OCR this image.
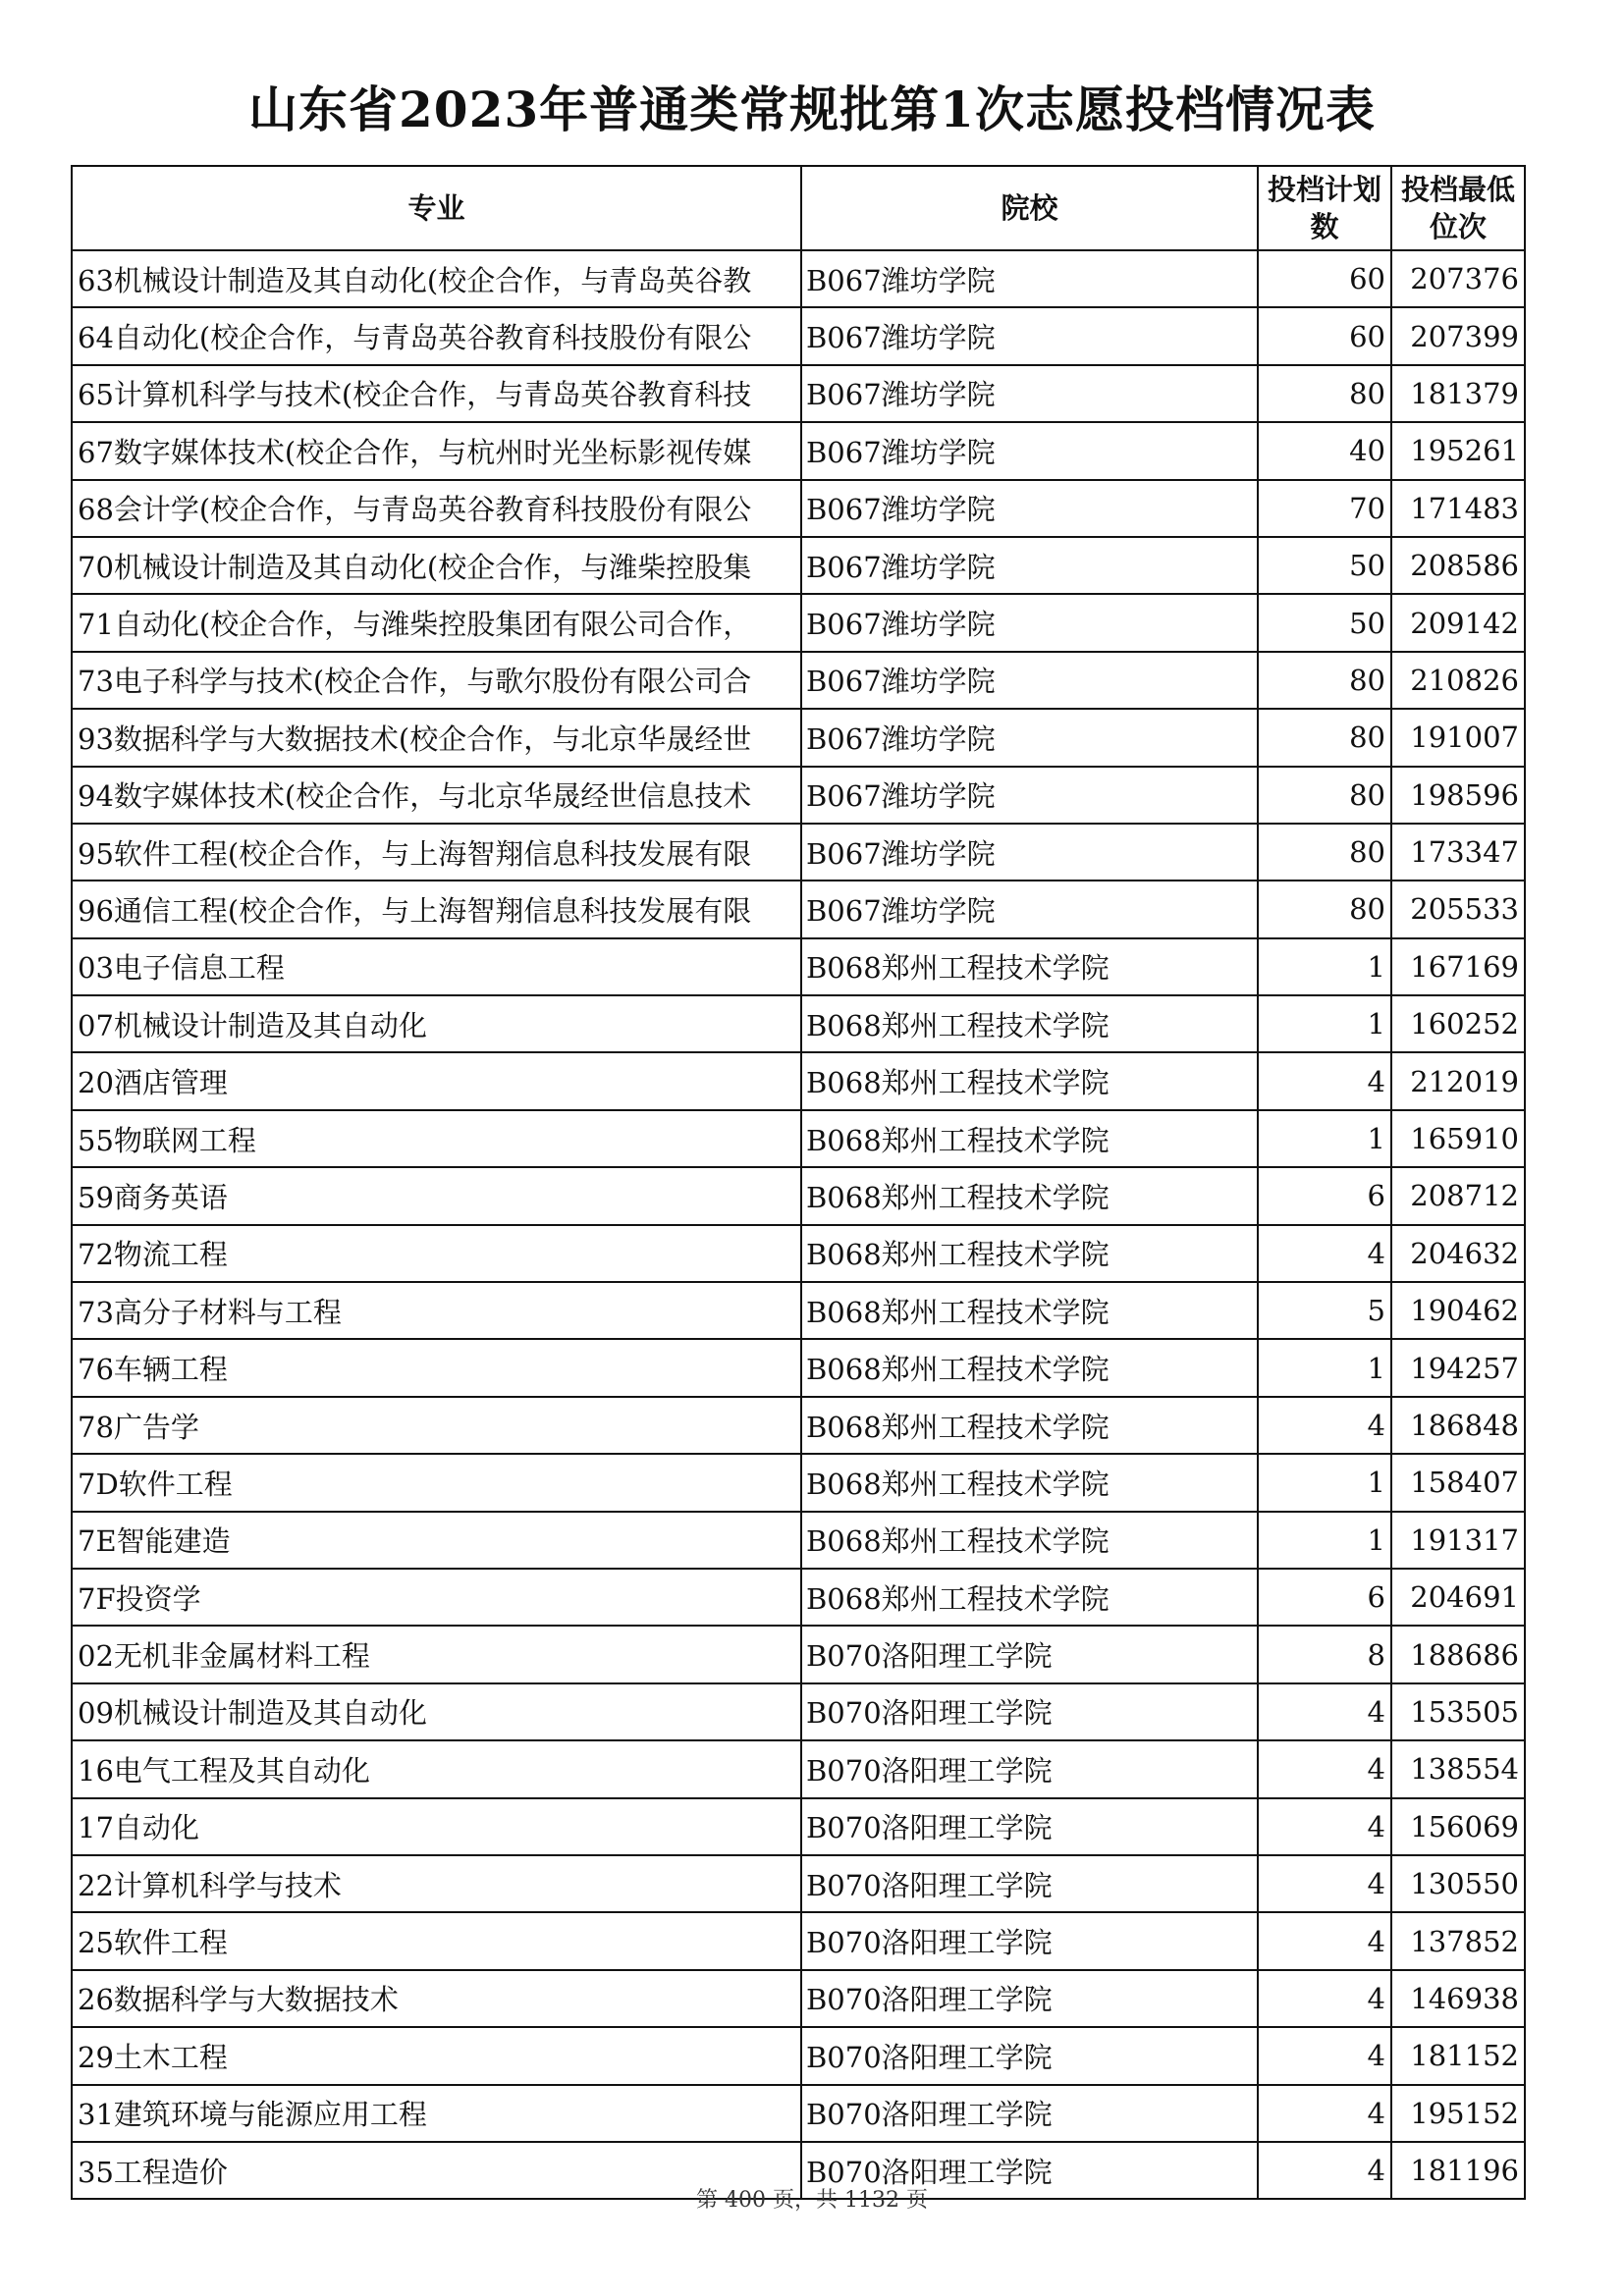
山东省2023年普通类常规批第1次志愿投档情况表
专业	院校	投档计划数	投档最低位次
63机械设计制造及其自动化(校企合作，与青岛英谷教	B067潍坊学院	60	207376
64自动化(校企合作，与青岛英谷教育科技股份有限公	B067潍坊学院	60	207399
65计算机科学与技术(校企合作，与青岛英谷教育科技	B067潍坊学院	80	181379
67数字媒体技术(校企合作，与杭州时光坐标影视传媒	B067潍坊学院	40	195261
68会计学(校企合作，与青岛英谷教育科技股份有限公	B067潍坊学院	70	171483
70机械设计制造及其自动化(校企合作，与潍柴控股集	B067潍坊学院	50	208586
71自动化(校企合作，与潍柴控股集团有限公司合作，	B067潍坊学院	50	209142
73电子科学与技术(校企合作，与歌尔股份有限公司合	B067潍坊学院	80	210826
93数据科学与大数据技术(校企合作，与北京华晟经世	B067潍坊学院	80	191007
94数字媒体技术(校企合作，与北京华晟经世信息技术	B067潍坊学院	80	198596
95软件工程(校企合作，与上海智翔信息科技发展有限	B067潍坊学院	80	173347
96通信工程(校企合作，与上海智翔信息科技发展有限	B067潍坊学院	80	205533
03电子信息工程	B068郑州工程技术学院	1	167169
07机械设计制造及其自动化	B068郑州工程技术学院	1	160252
20酒店管理	B068郑州工程技术学院	4	212019
55物联网工程	B068郑州工程技术学院	1	165910
59商务英语	B068郑州工程技术学院	6	208712
72物流工程	B068郑州工程技术学院	4	204632
73高分子材料与工程	B068郑州工程技术学院	5	190462
76车辆工程	B068郑州工程技术学院	1	194257
78广告学	B068郑州工程技术学院	4	186848
7D软件工程	B068郑州工程技术学院	1	158407
7E智能建造	B068郑州工程技术学院	1	191317
7F投资学	B068郑州工程技术学院	6	204691
02无机非金属材料工程	B070洛阳理工学院	8	188686
09机械设计制造及其自动化	B070洛阳理工学院	4	153505
16电气工程及其自动化	B070洛阳理工学院	4	138554
17自动化	B070洛阳理工学院	4	156069
22计算机科学与技术	B070洛阳理工学院	4	130550
25软件工程	B070洛阳理工学院	4	137852
26数据科学与大数据技术	B070洛阳理工学院	4	146938
29土木工程	B070洛阳理工学院	4	181152
31建筑环境与能源应用工程	B070洛阳理工学院	4	195152
35工程造价	B070洛阳理工学院	4	181196
第 400 页，共 1132 页
